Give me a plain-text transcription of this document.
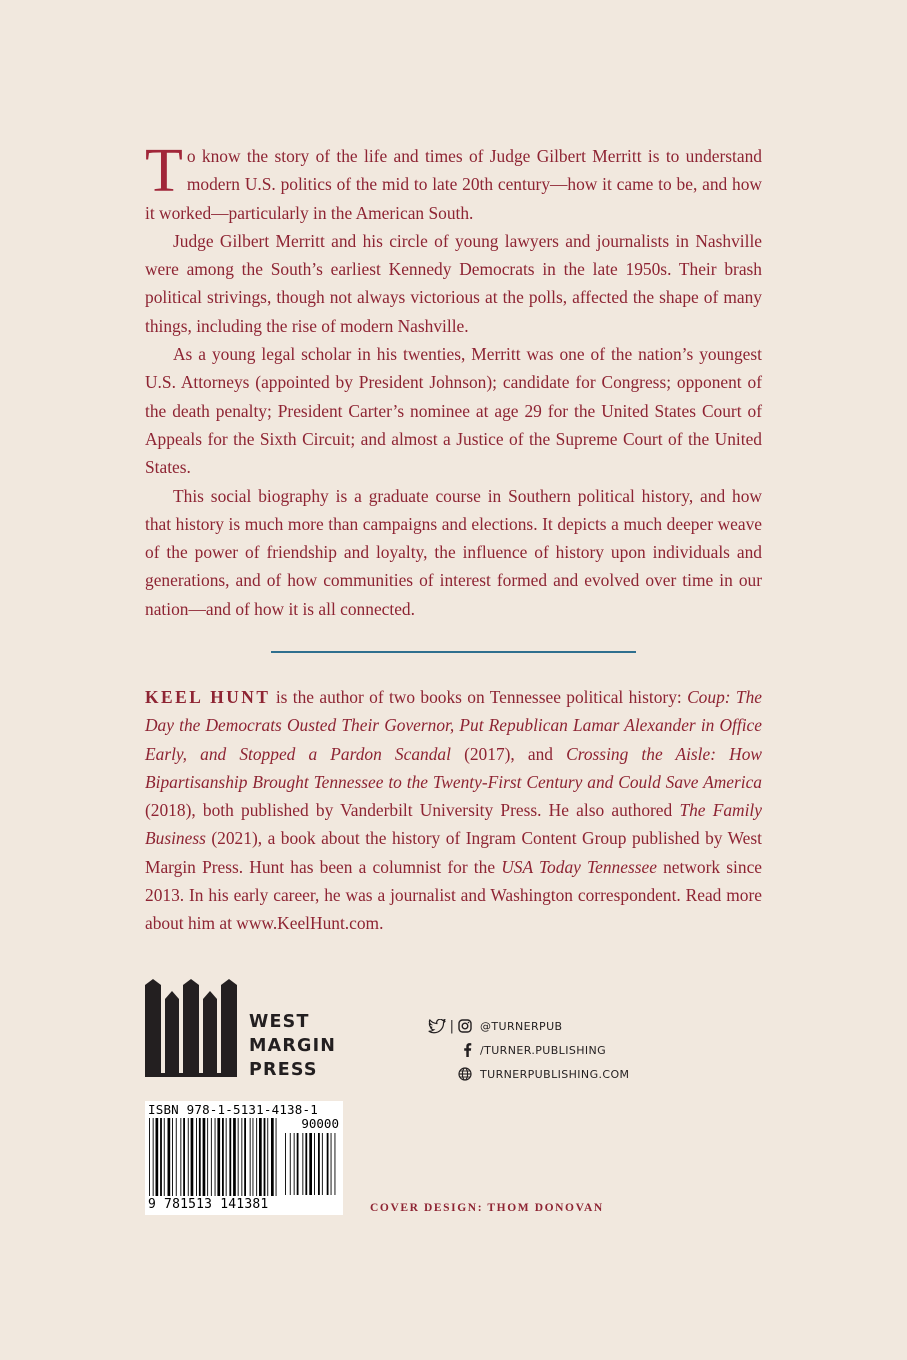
To know the story of the life and times of Judge Gilbert Merritt is to understand modern U.S. politics of the mid to late 20th century—how it came to be, and how it worked—particularly in the American South.

Judge Gilbert Merritt and his circle of young lawyers and journalists in Nashville were among the South’s earliest Kennedy Democrats in the late 1950s. Their brash political strivings, though not always victorious at the polls, affected the shape of many things, including the rise of modern Nashville.

As a young legal scholar in his twenties, Merritt was one of the nation’s youngest U.S. Attorneys (appointed by President Johnson); candidate for Congress; opponent of the death penalty; President Carter’s nominee at age 29 for the United States Court of Appeals for the Sixth Circuit; and almost a Justice of the Supreme Court of the United States.

This social biography is a graduate course in Southern political history, and how that history is much more than campaigns and elections. It depicts a much deeper weave of the power of friendship and loyalty, the influence of history upon individuals and generations, and of how communities of interest formed and evolved over time in our nation—and of how it is all connected.

KEEL HUNT is the author of two books on Tennessee political history: Coup: The Day the Democrats Ousted Their Governor, Put Republican Lamar Alexander in Office Early, and Stopped a Pardon Scandal (2017), and Crossing the Aisle: How Bipartisanship Brought Tennessee to the Twenty-First Century and Could Save America (2018), both published by Vanderbilt University Press. He also authored The Family Business (2021), a book about the history of Ingram Content Group published by West Margin Press. Hunt has been a columnist for the USA Today Tennessee network since 2013. In his early career, he was a journalist and Washington correspondent. Read more about him at www.KeelHunt.com.
WEST
MARGIN
PRESS
| @TURNERPUB
/TURNER.PUBLISHING
TURNERPUBLISHING.COM
ISBN 978-1-5131-4138-1
90000
9 781513 141381	COVER DESIGN: THOM DONOVAN
